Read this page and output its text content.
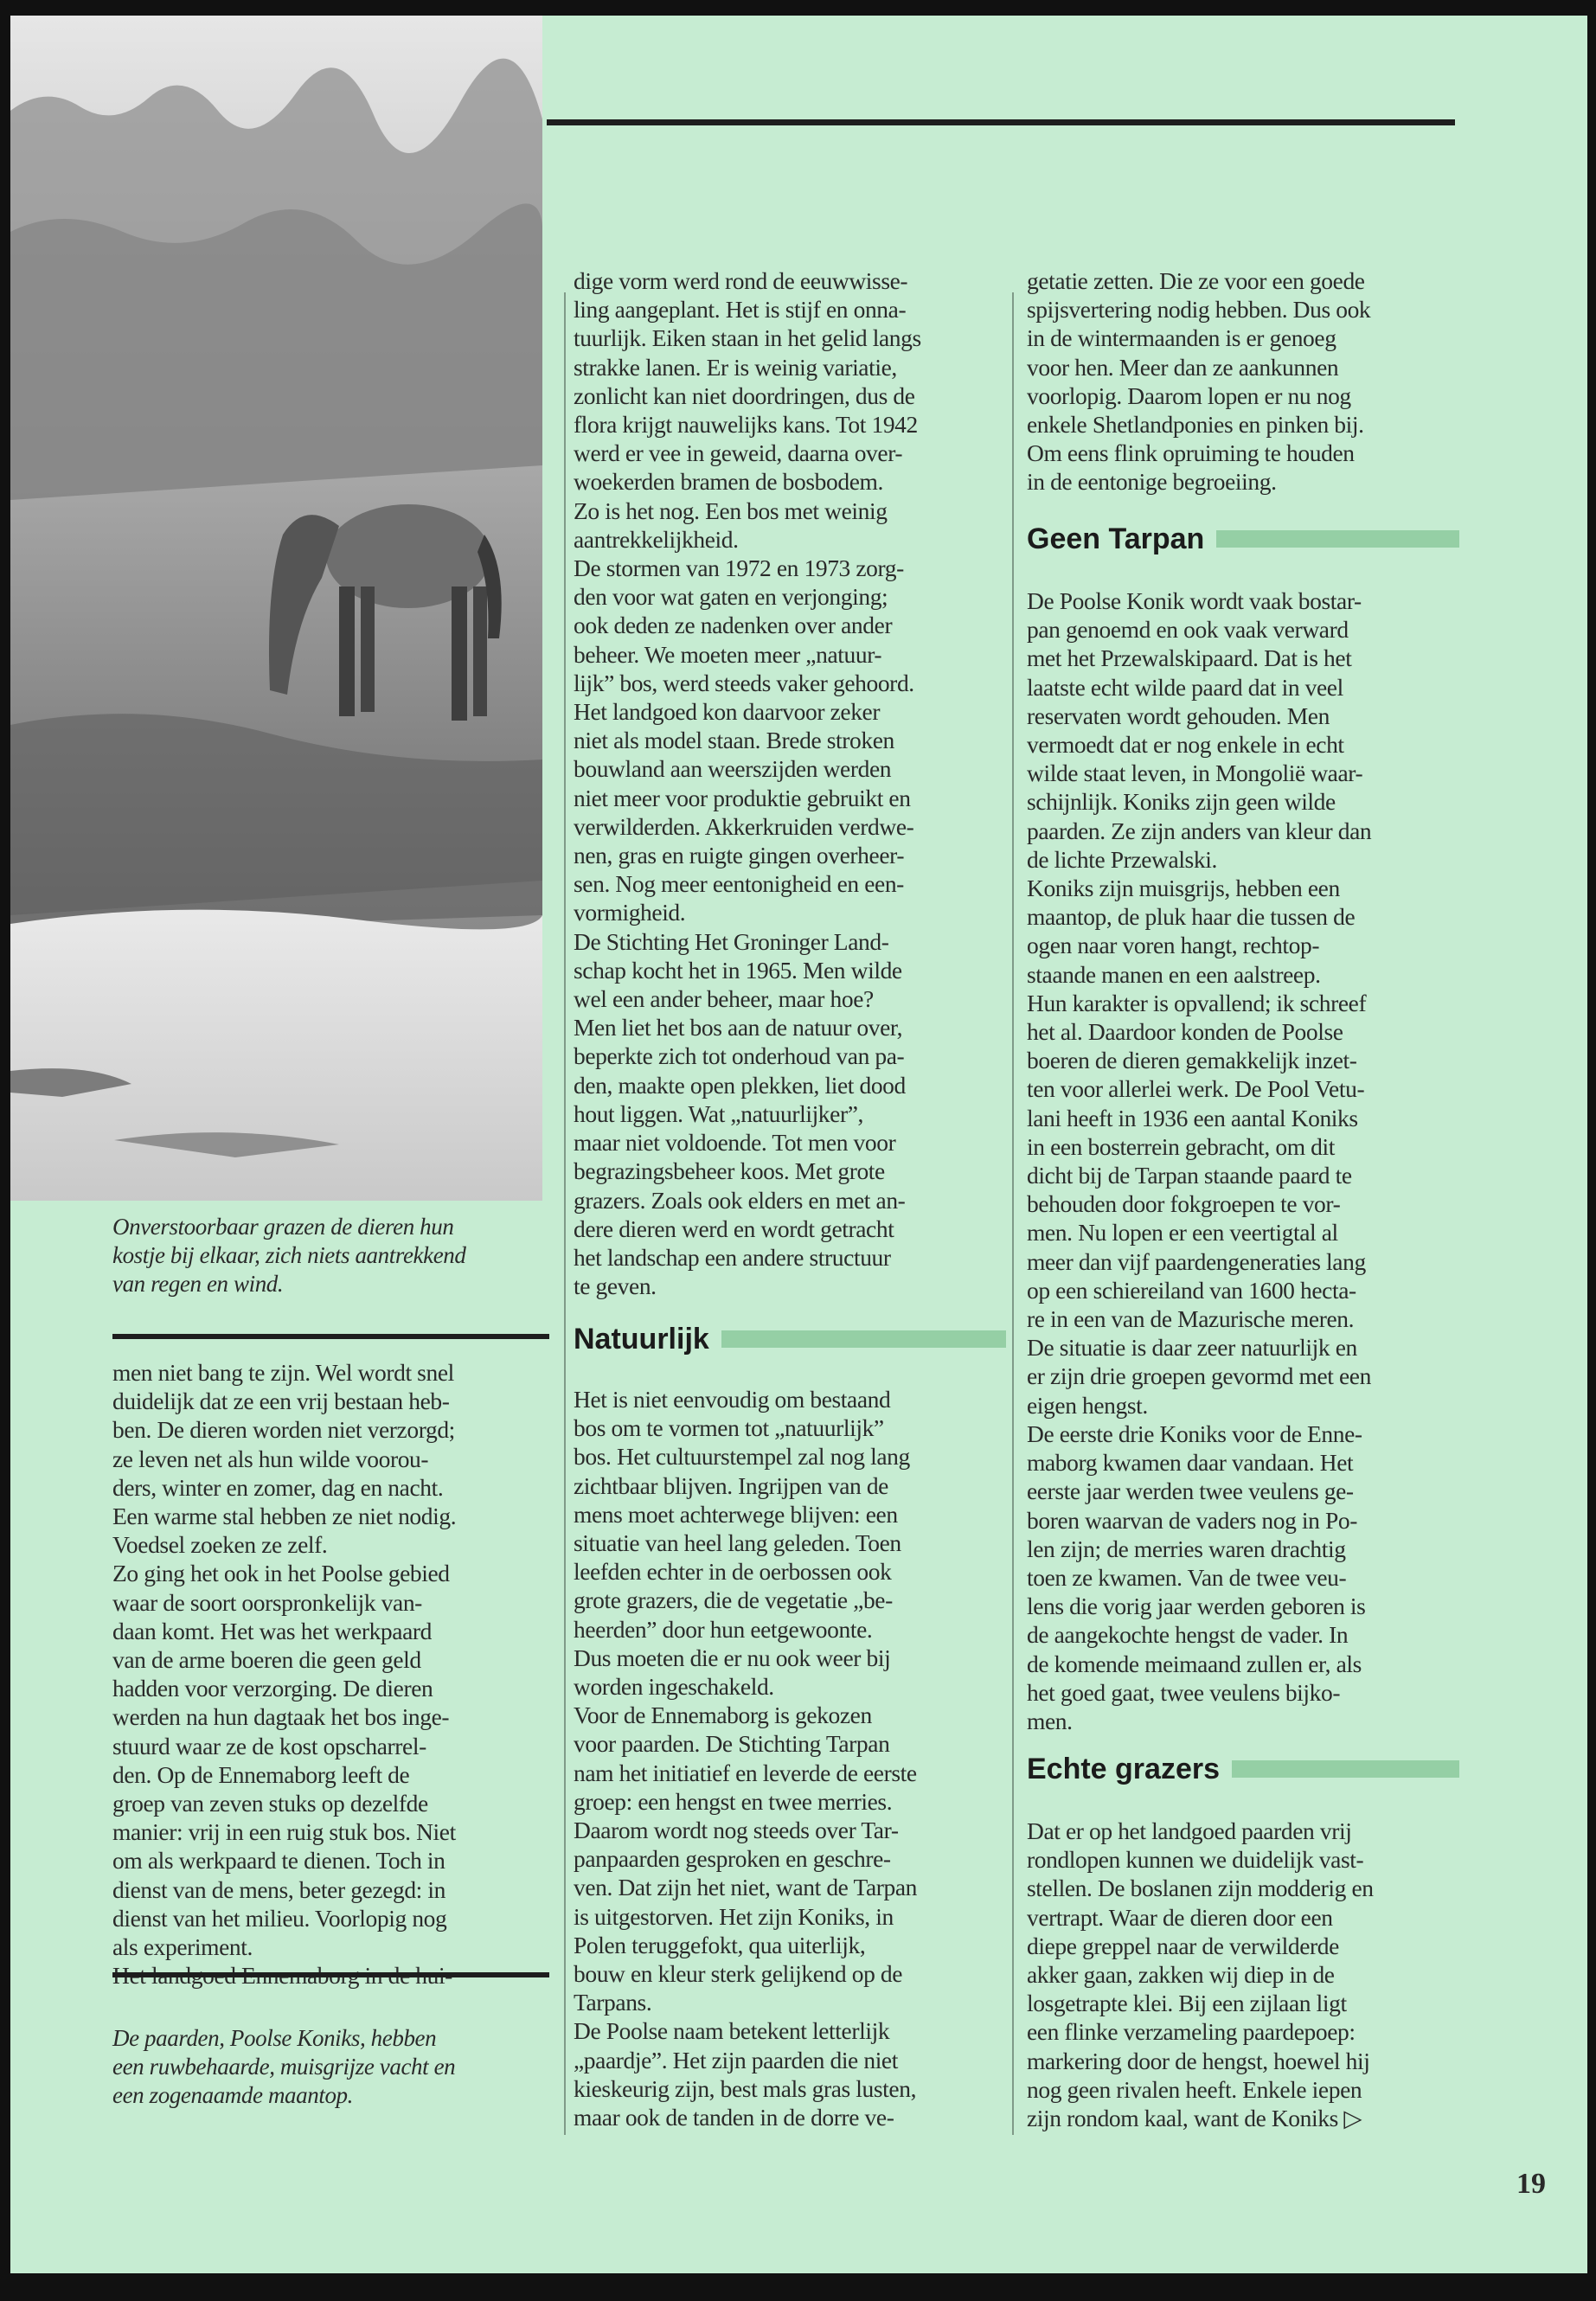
Onverstoorbaar grazen de dieren hun
kostje bij elkaar, zich niets aantrekkend
van regen en wind.
men niet bang te zijn. Wel wordt snel
duidelijk dat ze een vrij bestaan heb-
ben. De dieren worden niet verzorgd;
ze leven net als hun wilde voorou-
ders, winter en zomer, dag en nacht.
Een warme stal hebben ze niet nodig.
Voedsel zoeken ze zelf.
Zo ging het ook in het Poolse gebied
waar de soort oorspronkelijk van-
daan komt. Het was het werkpaard
van de arme boeren die geen geld
hadden voor verzorging. De dieren
werden na hun dagtaak het bos inge-
stuurd waar ze de kost opscharrel-
den. Op de Ennemaborg leeft de
groep van zeven stuks op dezelfde
manier: vrij in een ruig stuk bos. Niet
om als werkpaard te dienen. Toch in
dienst van de mens, beter gezegd: in
dienst van het milieu. Voorlopig nog
als experiment.

De paarden, Poolse Koniks, hebben
een ruwbehaarde, muisgrijze vacht en
een zogenaamde maantop.
dige vorm werd rond de eeuwwisse-
ling aangeplant. Het is stijf en onna-
tuurlijk. Eiken staan in het gelid langs
strakke lanen. Er is weinig variatie,
zonlicht kan niet doordringen, dus de
flora krijgt nauwelijks kans. Tot 1942
werd er vee in geweid, daarna over-
woekerden bramen de bosbodem.
Zo is het nog. Een bos met weinig
aantrekkelijkheid.
De stormen van 1972 en 1973 zorg-
den voor wat gaten en verjonging;
ook deden ze nadenken over ander
beheer. We moeten meer „natuur-
lijk” bos, werd steeds vaker gehoord.
Het landgoed kon daarvoor zeker
niet als model staan. Brede stroken
bouwland aan weerszijden werden
niet meer voor produktie gebruikt en
verwilderden. Akkerkruiden verdwe-
nen, gras en ruigte gingen overheer-
sen. Nog meer eentonigheid en een-
vormigheid.
De Stichting Het Groninger Land-
schap kocht het in 1965. Men wilde
wel een ander beheer, maar hoe?
Men liet het bos aan de natuur over,
beperkte zich tot onderhoud van pa-
den, maakte open plekken, liet dood
hout liggen. Wat „natuurlijker”,
maar niet voldoende. Tot men voor
begrazingsbeheer koos. Met grote
grazers. Zoals ook elders en met an-
dere dieren werd en wordt getracht
het landschap een andere structuur
te geven.
Natuurlijk
Het is niet eenvoudig om bestaand
bos om te vormen tot „natuurlijk”
bos. Het cultuurstempel zal nog lang
zichtbaar blijven. Ingrijpen van de
mens moet achterwege blijven: een
situatie van heel lang geleden. Toen
leefden echter in de oerbossen ook
grote grazers, die de vegetatie „be-
heerden” door hun eetgewoonte.
Dus moeten die er nu ook weer bij
worden ingeschakeld.
Voor de Ennemaborg is gekozen
voor paarden. De Stichting Tarpan
nam het initiatief en leverde de eerste
groep: een hengst en twee merries.
Daarom wordt nog steeds over Tar-
panpaarden gesproken en geschre-
ven. Dat zijn het niet, want de Tarpan
is uitgestorven. Het zijn Koniks, in
Polen teruggefokt, qua uiterlijk,
bouw en kleur sterk gelijkend op de
Tarpans.
De Poolse naam betekent letterlijk
„paardje”. Het zijn paarden die niet
kieskeurig zijn, best mals gras lusten,
maar ook de tanden in de dorre ve-
getatie zetten. Die ze voor een goede
spijsvertering nodig hebben. Dus ook
in de wintermaanden is er genoeg
voor hen. Meer dan ze aankunnen
voorlopig. Daarom lopen er nu nog
enkele Shetlandponies en pinken bij.
Om eens flink opruiming te houden
in de eentonige begroeiing.
Geen Tarpan
De Poolse Konik wordt vaak bostar-
pan genoemd en ook vaak verward
met het Przewalskipaard. Dat is het
laatste echt wilde paard dat in veel
reservaten wordt gehouden. Men
vermoedt dat er nog enkele in echt
wilde staat leven, in Mongolië waar-
schijnlijk. Koniks zijn geen wilde
paarden. Ze zijn anders van kleur dan
de lichte Przewalski.
Koniks zijn muisgrijs, hebben een
maantop, de pluk haar die tussen de
ogen naar voren hangt, rechtop-
staande manen en een aalstreep.
Hun karakter is opvallend; ik schreef
het al. Daardoor konden de Poolse
boeren de dieren gemakkelijk inzet-
ten voor allerlei werk. De Pool Vetu-
lani heeft in 1936 een aantal Koniks
in een bosterrein gebracht, om dit
dicht bij de Tarpan staande paard te
behouden door fokgroepen te vor-
men. Nu lopen er een veertigtal al
meer dan vijf paardengeneraties lang
op een schiereiland van 1600 hecta-
re in een van de Mazurische meren.
De situatie is daar zeer natuurlijk en
er zijn drie groepen gevormd met een
eigen hengst.
De eerste drie Koniks voor de Enne-
maborg kwamen daar vandaan. Het
eerste jaar werden twee veulens ge-
boren waarvan de vaders nog in Po-
len zijn; de merries waren drachtig
toen ze kwamen. Van de twee veu-
lens die vorig jaar werden geboren is
de aangekochte hengst de vader. In
de komende meimaand zullen er, als
het goed gaat, twee veulens bijko-
men.
Echte grazers
Dat er op het landgoed paarden vrij
rondlopen kunnen we duidelijk vast-
stellen. De boslanen zijn modderig en
vertrapt. Waar de dieren door een
diepe greppel naar de verwilderde
akker gaan, zakken wij diep in de
losgetrapte klei. Bij een zijlaan ligt
een flinke verzameling paardepoep:
markering door de hengst, hoewel hij
nog geen rivalen heeft. Enkele iepen
zijn rondom kaal, want de Koniks ▷
19
